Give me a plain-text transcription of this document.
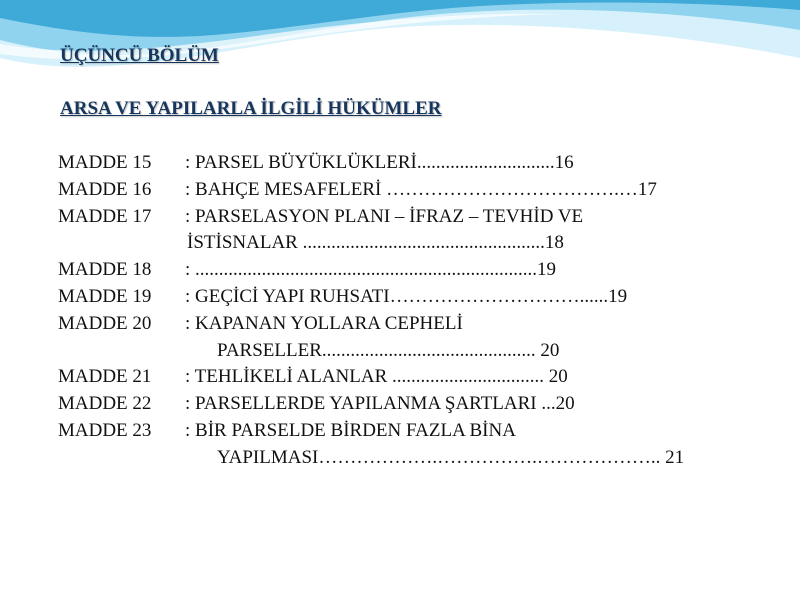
ÜÇÜNCÜ BÖLÜM
ARSA VE YAPILARLA İLGİLİ HÜKÜMLER
MADDE 15	: PARSEL BÜYÜKLÜKLERİ.............................16
MADDE 16	: BAHÇE MESAFELERİ ……………………………….…17
MADDE 17	: PARSELASYON PLANI – İFRAZ – TEVHİD VE
İSTİSNALAR ...................................................18
MADDE 18	: ........................................................................19
MADDE 19	: GEÇİCİ YAPI RUHSATI…………………………......19
MADDE 20	: KAPANAN YOLLARA CEPHELİ
PARSELLER............................................. 20
MADDE 21	: TEHLİKELİ ALANLAR ................................ 20
MADDE 22	: PARSELLERDE YAPILANMA ŞARTLARI ...20
MADDE 23	: BİR PARSELDE BİRDEN FAZLA BİNA
YAPILMASI……………….…………….……………….. 21
